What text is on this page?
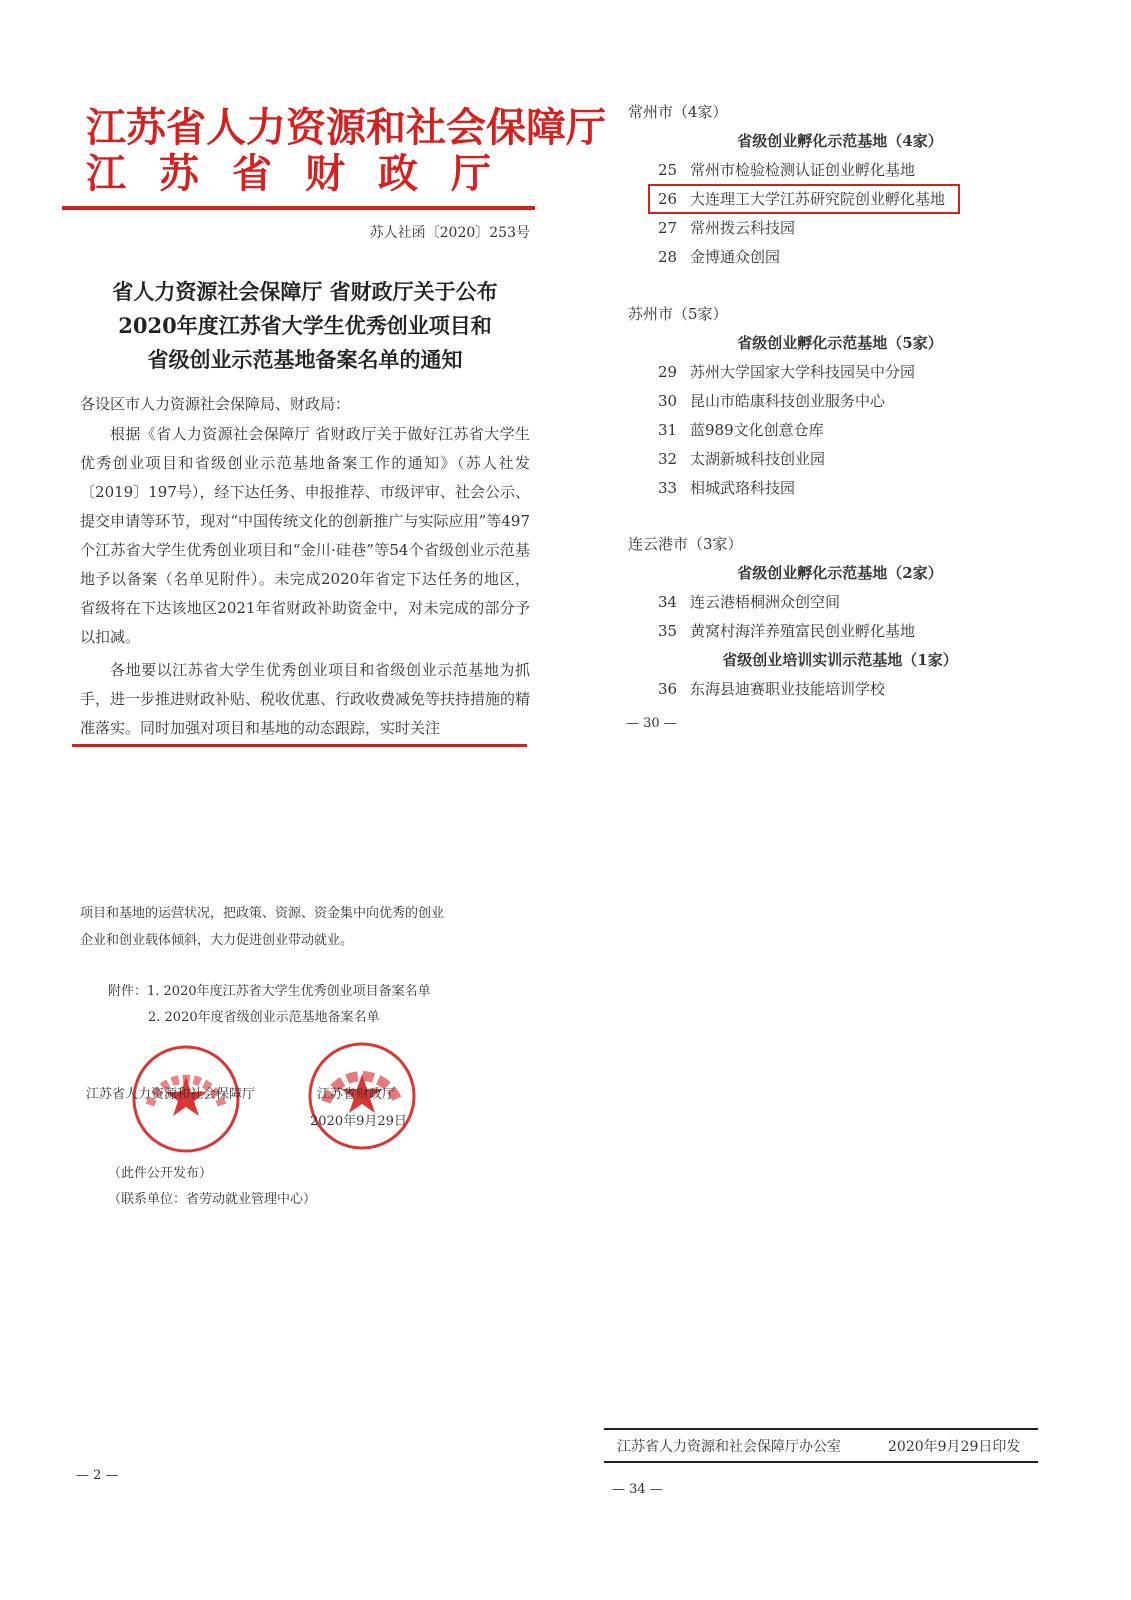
江苏省人力资源和社会保障厅
江苏省财政厅
苏人社函〔2020〕253号
省人力资源社会保障厅 省财政厅关于公布
2020年度江苏省大学生优秀创业项目和
省级创业示范基地备案名单的通知
各设区市人力资源社会保障局、财政局：
根据《省人力资源社会保障厅 省财政厅关于做好江苏省大学生优秀创业项目和省级创业示范基地备案工作的通知》（苏人社发〔2019〕197号），经下达任务、申报推荐、市级评审、社会公示、提交申请等环节，现对“中国传统文化的创新推广与实际应用”等497个江苏省大学生优秀创业项目和“金川·硅巷”等54个省级创业示范基地予以备案（名单见附件）。未完成2020年省定下达任务的地区，省级将在下达该地区2021年省财政补助资金中，对未完成的部分予以扣减。
各地要以江苏省大学生优秀创业项目和省级创业示范基地为抓手，进一步推进财政补贴、税收优惠、行政收费减免等扶持措施的精准落实。同时加强对项目和基地的动态跟踪，实时关注
项目和基地的运营状况，把政策、资源、资金集中向优秀的创业
企业和创业载体倾斜，大力促进创业带动就业。
附件：1. 2020年度江苏省大学生优秀创业项目备案名单
2. 2020年度省级创业示范基地备案名单
江苏省人力资源和社会保障厅	江苏省财政厅
2020年9月29日
（此件公开发布）
（联系单位：省劳动就业管理中心）
— 2 —
常州市（4家）
省级创业孵化示范基地（4家）
25 常州市检验检测认证创业孵化基地
26 大连理工大学江苏研究院创业孵化基地
27 常州拨云科技园
28 金博通众创园
苏州市（5家）
省级创业孵化示范基地（5家）
29 苏州大学国家大学科技园吴中分园
30 昆山市皓康科技创业服务中心
31 蓝989文化创意仓库
32 太湖新城科技创业园
33 相城武珞科技园
连云港市（3家）
省级创业孵化示范基地（2家）
34 连云港梧桐洲众创空间
35 黄窝村海洋养殖富民创业孵化基地
省级创业培训实训示范基地（1家）
36 东海县迪赛职业技能培训学校
— 30 —
江苏省人力资源和社会保障厅办公室	2020年9月29日印发
— 34 —
